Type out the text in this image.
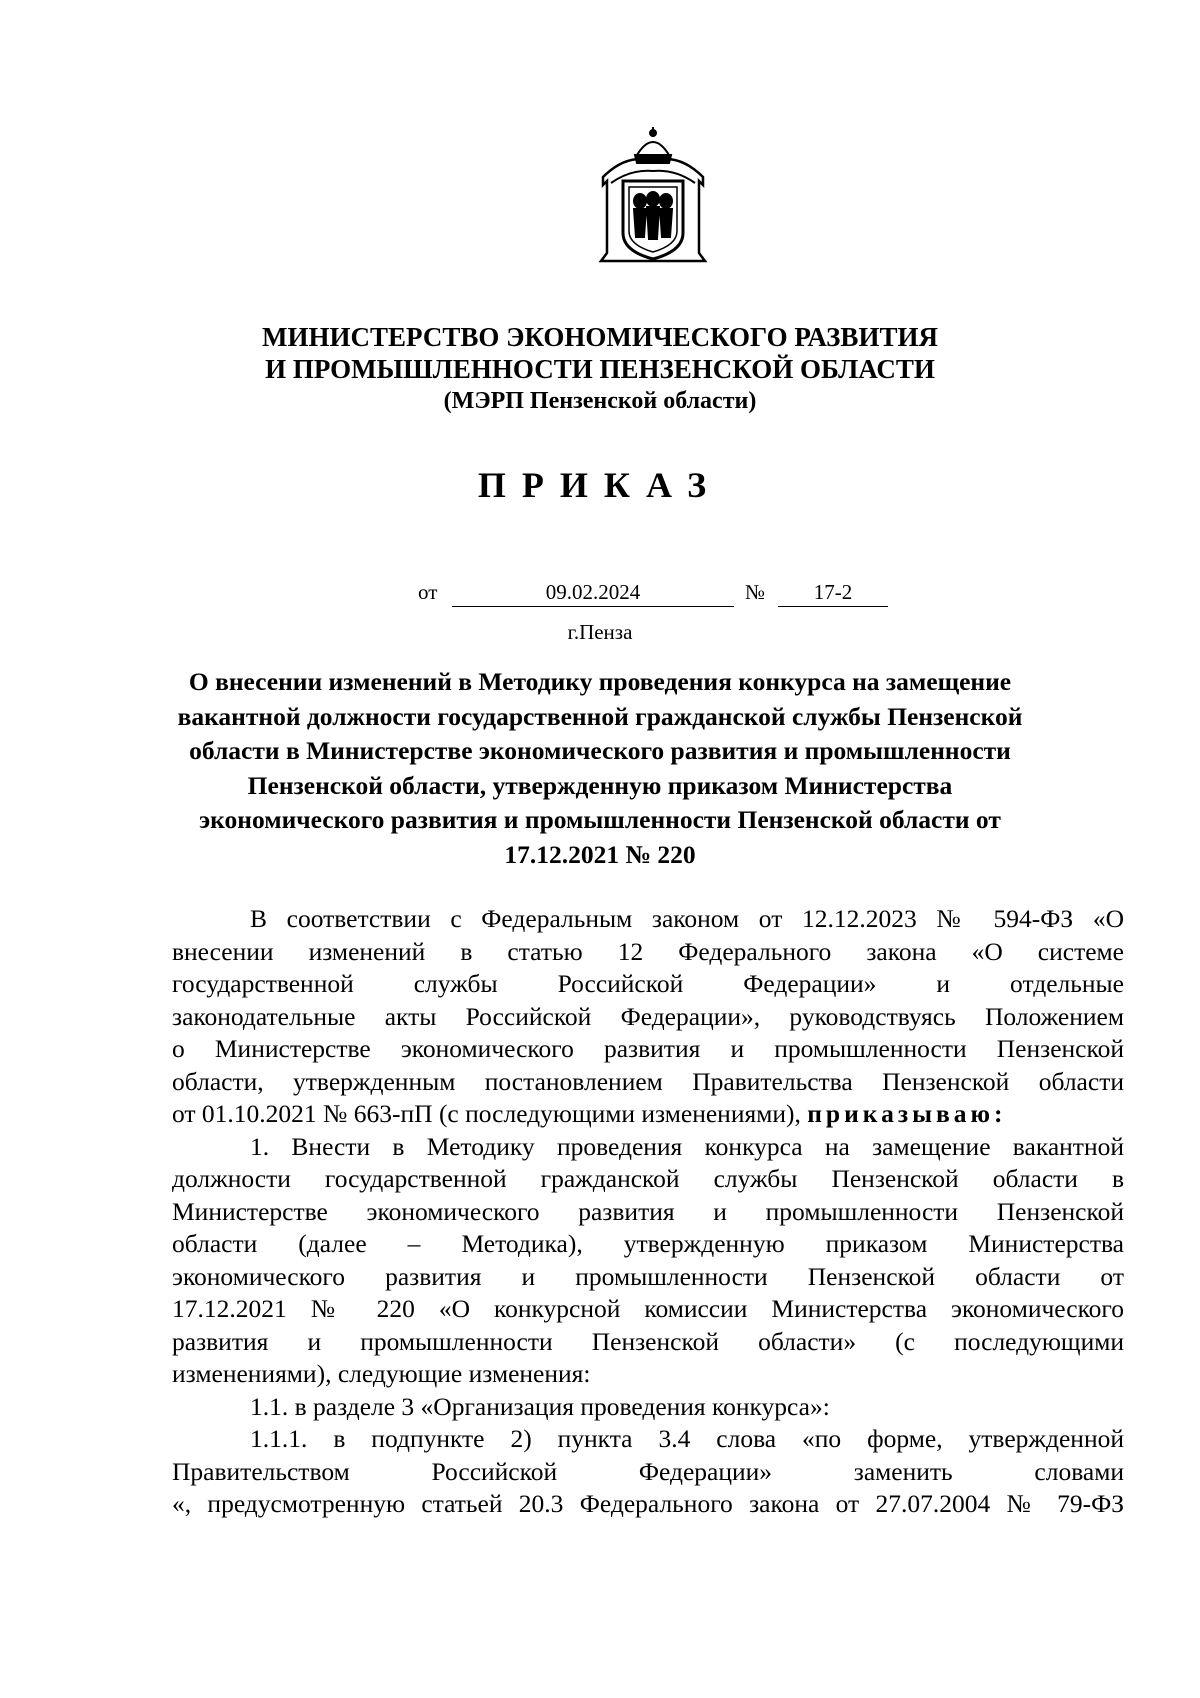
МИНИСТЕРСТВО ЭКОНОМИЧЕСКОГО РАЗВИТИЯ
И ПРОМЫШЛЕННОСТИ ПЕНЗЕНСКОЙ ОБЛАСТИ
(МЭРП Пензенской области)
ПРИКАЗ
от	09.02.2024	№	17-2
г.Пенза
О внесении изменений в Методику проведения конкурса на замещение
вакантной должности государственной гражданской службы Пензенской
области в Министерстве экономического развития и промышленности
Пензенской области, утвержденную приказом Министерства
экономического развития и промышленности Пензенской области от
17.12.2021 № 220
В соответствии с Федеральным законом от 12.12.2023 № 594-ФЗ «О
внесении изменений в статью 12 Федерального закона «О системе
государственной службы Российской Федерации» и отдельные
законодательные акты Российской Федерации», руководствуясь Положением
о Министерстве экономического развития и промышленности Пензенской
области, утвержденным постановлением Правительства Пензенской области
от 01.10.2021 № 663-пП (с последующими изменениями), приказываю:
1. Внести в Методику проведения конкурса на замещение вакантной
должности государственной гражданской службы Пензенской области в
Министерстве экономического развития и промышленности Пензенской
области (далее – Методика), утвержденную приказом Министерства
экономического развития и промышленности Пензенской области от
17.12.2021 № 220 «О конкурсной комиссии Министерства экономического
развития и промышленности Пензенской области» (с последующими
изменениями), следующие изменения:
1.1. в разделе 3 «Организация проведения конкурса»:
1.1.1. в подпункте 2) пункта 3.4 слова «по форме, утвержденной
Правительством Российской Федерации» заменить словами
«, предусмотренную статьей 20.3 Федерального закона от 27.07.2004 № 79-ФЗ
